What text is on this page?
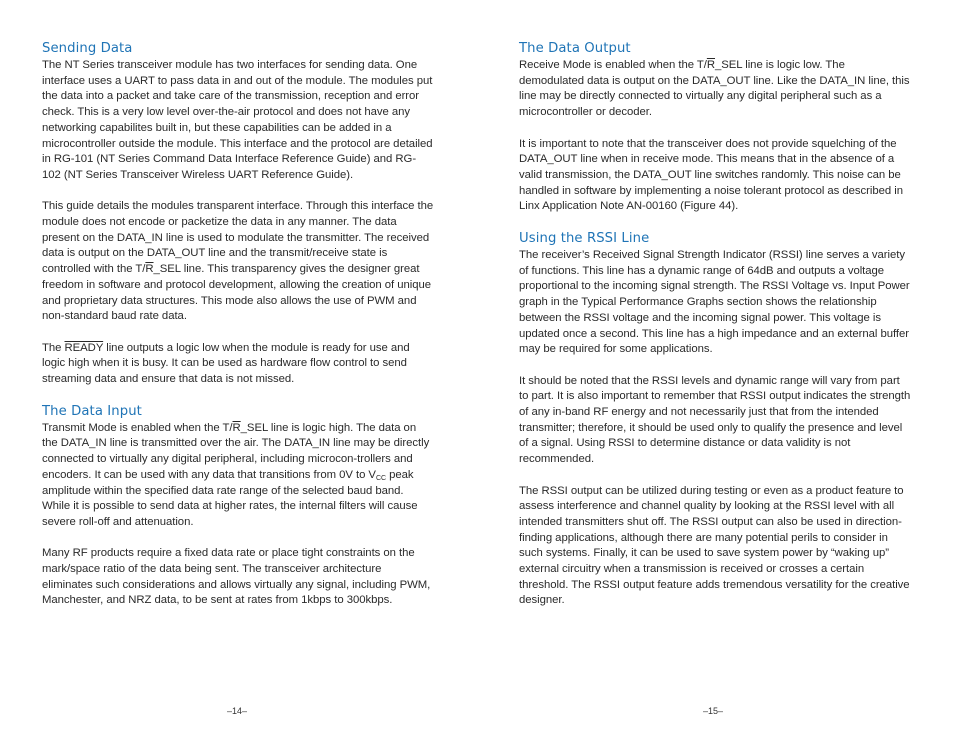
Sending Data

The NT Series transceiver module has two interfaces for sending data. One interface uses a UART to pass data in and out of the module. The modules put the data into a packet and take care of the transmission, reception and error check. This is a very low level over-the-air protocol and does not have any networking capabilites built in, but these capabilities can be added in a microcontroller outside the module. This interface and the protocol are detailed in RG-101 (NT Series Command Data Interface Reference Guide) and RG-102 (NT Series Transceiver Wireless UART Reference Guide).

This guide details the modules transparent interface. Through this interface the module does not encode or packetize the data in any manner. The data present on the DATA_IN line is used to modulate the transmitter. The received data is output on the DATA_OUT line and the transmit/receive state is controlled with the $T/\overline{R}\_SEL$ line. This transparency gives the designer great freedom in software and protocol development, allowing the creation of unique and proprietary data structures. This mode also allows the use of PWM and non-standard baud rate data.

The READY line outputs a logic low when the module is ready for use and logic high when it is busy. It can be used as hardware flow control to send streaming data and ensure that data is not missed.

The Data Input

Transmit Mode is enabled when the $T/\overline{R}\_SEL$ line is logic high. The data on the DATA_IN line is transmitted over the air. The DATA_IN line may be directly connected to virtually any digital peripheral, including microcon-trollers and encoders. It can be used with any data that transitions from 0V to $V_{CC}$ peak amplitude within the specified data rate range of the selected baud band. While it is possible to send data at higher rates, the internal filters will cause severe roll-off and attenuation.

Many RF products require a fixed data rate or place tight constraints on the mark/space ratio of the data being sent. The transceiver architecture eliminates such considerations and allows virtually any signal, including PWM, Manchester, and NRZ data, to be sent at rates from 1kbps to 300kbps.

–14–
The Data Output

Receive Mode is enabled when the $T/\overline{R}\_SEL$ line is logic low. The demodulated data is output on the DATA_OUT line. Like the DATA_IN line, this line may be directly connected to virtually any digital peripheral such as a microcontroller or decoder.

It is important to note that the transceiver does not provide squelching of the DATA_OUT line when in receive mode. This means that in the absence of a valid transmission, the DATA_OUT line switches randomly. This noise can be handled in software by implementing a noise tolerant protocol as described in Linx Application Note AN-00160 (Figure 44).

Using the RSSI Line

The receiver’s Received Signal Strength Indicator (RSSI) line serves a variety of functions. This line has a dynamic range of 64dB and outputs a voltage proportional to the incoming signal strength. The RSSI Voltage vs. Input Power graph in the Typical Performance Graphs section shows the relationship between the RSSI voltage and the incoming signal power. This voltage is updated once a second. This line has a high impedance and an external buffer may be required for some applications.

It should be noted that the RSSI levels and dynamic range will vary from part to part. It is also important to remember that RSSI output indicates the strength of any in-band RF energy and not necessarily just that from the intended transmitter; therefore, it should be used only to qualify the presence and level of a signal. Using RSSI to determine distance or data validity is not recommended.

The RSSI output can be utilized during testing or even as a product feature to assess interference and channel quality by looking at the RSSI level with all intended transmitters shut off. The RSSI output can also be used in direction-finding applications, although there are many potential perils to consider in such systems. Finally, it can be used to save system power by “waking up” external circuitry when a transmission is received or crosses a certain threshold. The RSSI output feature adds tremendous versatility for the creative designer.

–15–
